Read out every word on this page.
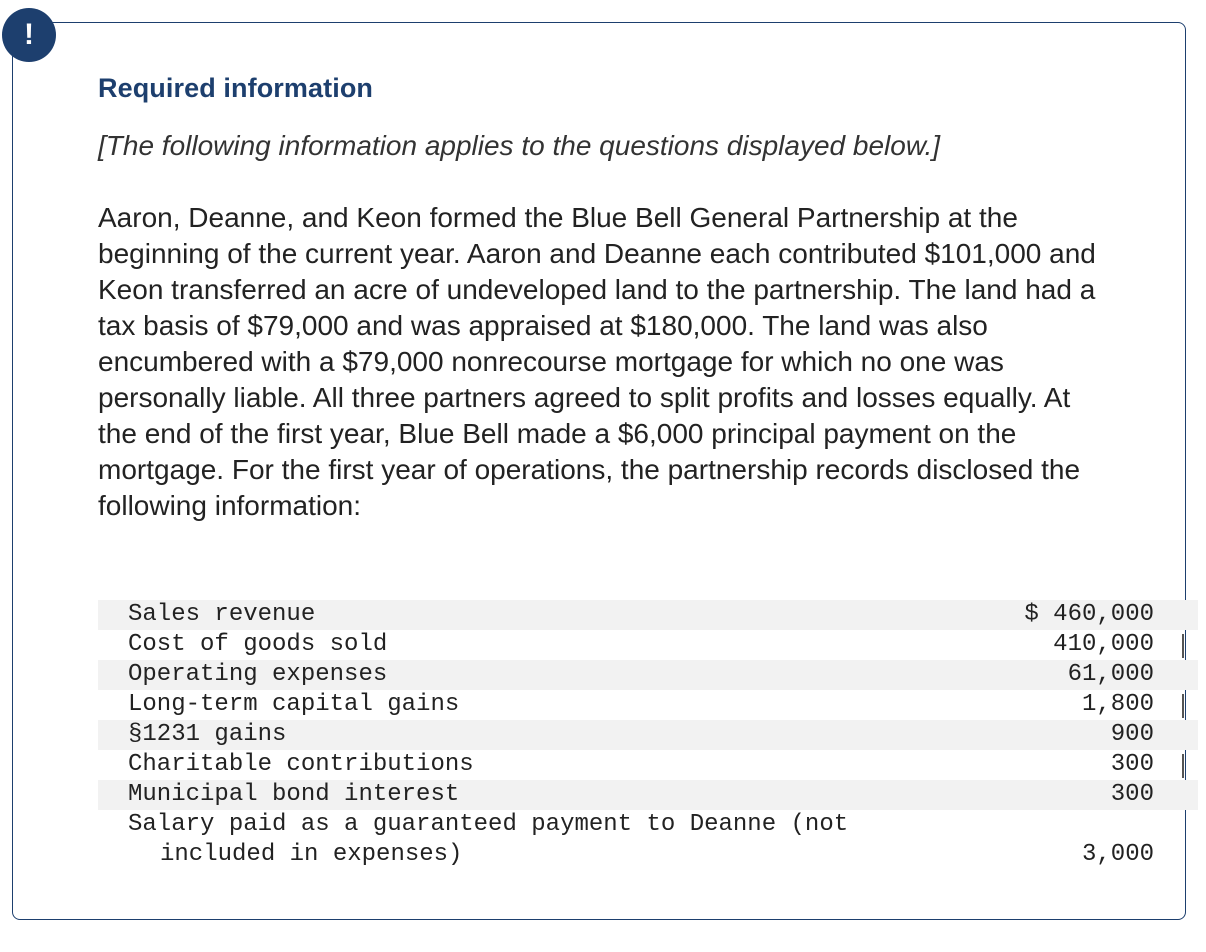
!
Required information

[The following information applies to the questions displayed below.]

Aaron, Deanne, and Keon formed the Blue Bell General Partnership at the beginning of the current year. Aaron and Deanne each contributed $101,000 and Keon transferred an acre of undeveloped land to the partnership. The land had a tax basis of $79,000 and was appraised at $180,000. The land was also encumbered with a $79,000 nonrecourse mortgage for which no one was personally liable. All three partners agreed to split profits and losses equally. At the end of the first year, Blue Bell made a $6,000 principal payment on the mortgage. For the first year of operations, the partnership records disclosed the following information:

Sales revenue	$ 460,000
Cost of goods sold	410,000
Operating expenses	61,000
Long-term capital gains	1,800
§1231 gains	900
Charitable contributions	300
Municipal bond interest	300
Salary paid as a guaranteed payment to Deanne (not
included in expenses)	3,000
